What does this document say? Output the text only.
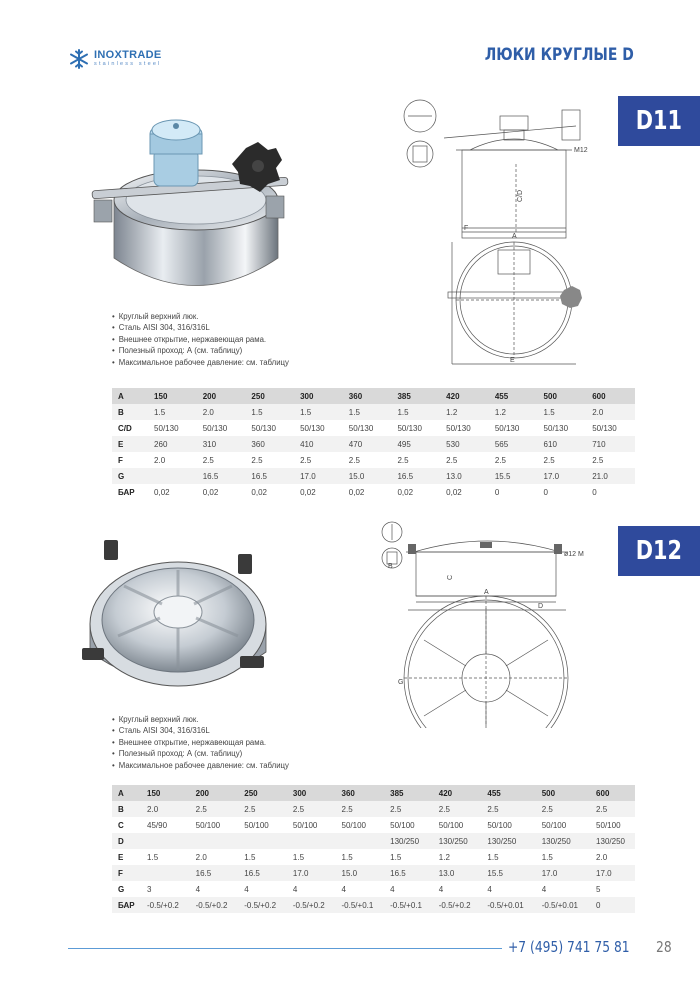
INOXTRADE
stainless steel	ЛЮКИ КРУГЛЫЕ D
D11
M12
C/D
A
F
E
• Круглый верхний люк.
• Сталь AISI 304, 316/316L
• Внешнее открытие, нержавеющая рама.
• Полезный проход: А (см. таблицу)
• Максимальное рабочее давление: см. таблицу
A	150	200	250	300	360	385	420	455	500	600
B	1.5	2.0	1.5	1.5	1.5	1.5	1.2	1.2	1.5	2.0
C/D	50/130	50/130	50/130	50/130	50/130	50/130	50/130	50/130	50/130	50/130
E	260	310	360	410	470	495	530	565	610	710
F	2.0	2.5	2.5	2.5	2.5	2.5	2.5	2.5	2.5	2.5
G		16.5	16.5	17.0	15.0	16.5	13.0	15.5	17.0	21.0
БАР	0,02	0,02	0,02	0,02	0,02	0,02	0,02	0	0	0
D12
ø12 M
B
C
A
D
G
• Круглый верхний люк.
• Сталь AISI 304, 316/316L
• Внешнее открытие, нержавеющая рама.
• Полезный проход: А (см. таблицу)
• Максимальное рабочее давление: см. таблицу
A	150	200	250	300	360	385	420	455	500	600
B	2.0	2.5	2.5	2.5	2.5	2.5	2.5	2.5	2.5	2.5
C	45/90	50/100	50/100	50/100	50/100	50/100	50/100	50/100	50/100	50/100
D						130/250	130/250	130/250	130/250	130/250
E	1.5	2.0	1.5	1.5	1.5	1.5	1.2	1.5	1.5	2.0
F		16.5	16.5	17.0	15.0	16.5	13.0	15.5	17.0	17.0
G	3	4	4	4	4	4	4	4	4	5
БАР	-0.5/+0.2	-0.5/+0.2	-0.5/+0.2	-0.5/+0.2	-0.5/+0.1	-0.5/+0.1	-0.5/+0.2	-0.5/+0.01	-0.5/+0.01	0
+7 (495) 741 75 81 28
